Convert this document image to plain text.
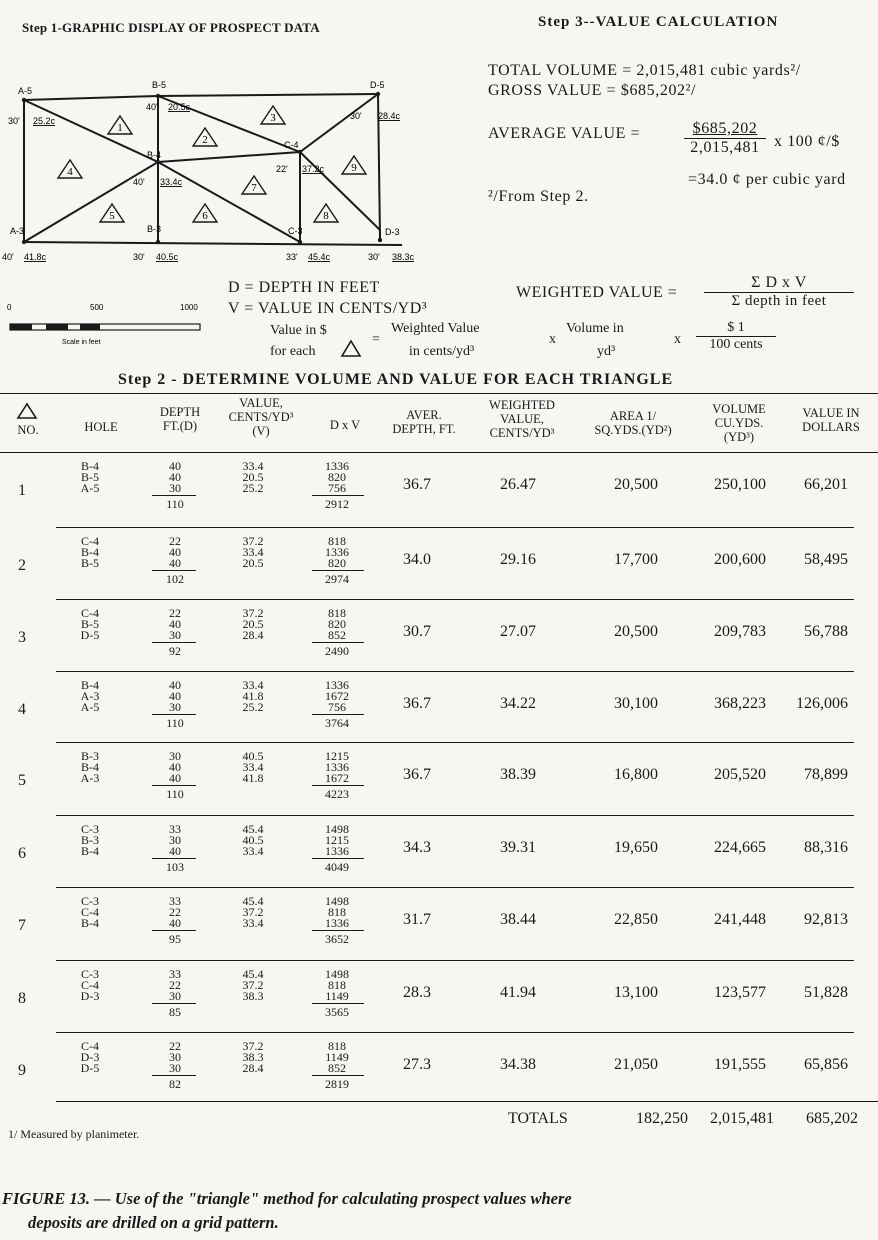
Step 1-GRAPHIC DISPLAY OF PROSPECT DATA	Step 3--VALUE CALCULATION
TOTAL VOLUME = 2,015,481 cubic yards²/
GROSS VALUE = $685,202²/
AVERAGE VALUE =	$\frac{\$685,202}{2,015,481}$ x 100 ¢/$
=34.0 ¢ per cubic yard
²/From Step 2.
1
2
3
4
5	6
7
8
9
A-5
30' 25.2c
B-5
40' 20.5c
D-5
30' 28.4c
B-4
40' 33.4c
C-4
22' 37.2c
A-3
40' 41.8c
B-3
30' 40.5c
C-3
33' 45.4c
D-3
30' 38.3c
0	500	1000
Scale in feet
D = DEPTH IN FEET
V = VALUE IN CENTS/YD³
WEIGHTED VALUE =
Σ D x V
Σ depth in feet
Value in $
for each
=
Weighted Value
in cents/yd³
x
Volume in
yd³
x
$ 1
100 cents
Step 2 - DETERMINE VOLUME AND VALUE FOR EACH TRIANGLE
NO.	HOLE
DEPTH
FT.(D)
VALUE,
CENTS/YD³
(V)	D x V
AVER.
DEPTH, FT.
WEIGHTED
VALUE,
CENTS/YD³
AREA 1/
SQ.YDS.(YD²)
VOLUME
CU.YDS.
(YD³)
VALUE IN
DOLLARS
1
B-4	40	33.4	1336
B-5	40	20.5	820
A-5	30	25.2	756
110	2912
36.7	26.47	20,500	250,100	66,201
2
C-4	22	37.2	818
B-4	40	33.4	1336
B-5	40	20.5	820
102	2974
34.0	29.16	17,700	200,600	58,495
3
C-4	22	37.2	818
B-5	40	20.5	820
D-5	30	28.4	852
92	2490
30.7	27.07	20,500	209,783	56,788
4
B-4	40	33.4	1336
A-3	40	41.8	1672
A-5	30	25.2	756
110	3764
36.7	34.22	30,100	368,223	126,006
5
B-3	30	40.5	1215
B-4	40	33.4	1336
A-3	40	41.8	1672
110	4223
36.7	38.39	16,800	205,520	78,899
6
C-3	33	45.4	1498
B-3	30	40.5	1215
B-4	40	33.4	1336
103	4049
34.3	39.31	19,650	224,665	88,316
7
C-3	33	45.4	1498
C-4	22	37.2	818
B-4	40	33.4	1336
95	3652
31.7	38.44	22,850	241,448	92,813
8
C-3	33	45.4	1498
C-4	22	37.2	818
D-3	30	38.3	1149
85	3565
28.3	41.94	13,100	123,577	51,828
9
C-4	22	37.2	818
D-3	30	38.3	1149
D-5	30	28.4	852
82	2819
27.3	34.38	21,050	191,555	65,856
TOTALS	182,250	2,015,481	685,202
1/ Measured by planimeter.
FIGURE 13. — Use of the "triangle" method for calculating prospect values where
deposits are drilled on a grid pattern.
